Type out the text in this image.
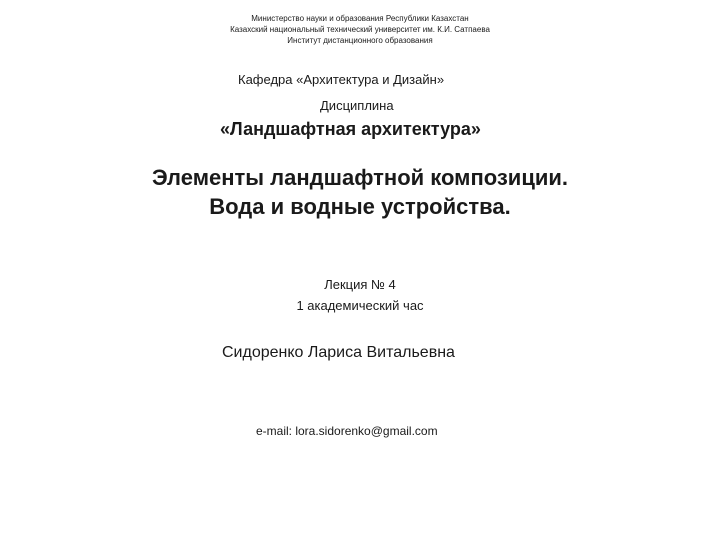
Министерство науки и образования Республики Казахстан
Казахский национальный технический университет им. К.И. Сатпаева
Институт дистанционного образования
Кафедра «Архитектура и Дизайн»
Дисциплина
«Ландшафтная архитектура»
Элементы ландшафтной композиции.
Вода и водные устройства.
Лекция № 4
1 академический час
Сидоренко Лариса Витальевна
e-mail: lora.sidorenko@gmail.com
